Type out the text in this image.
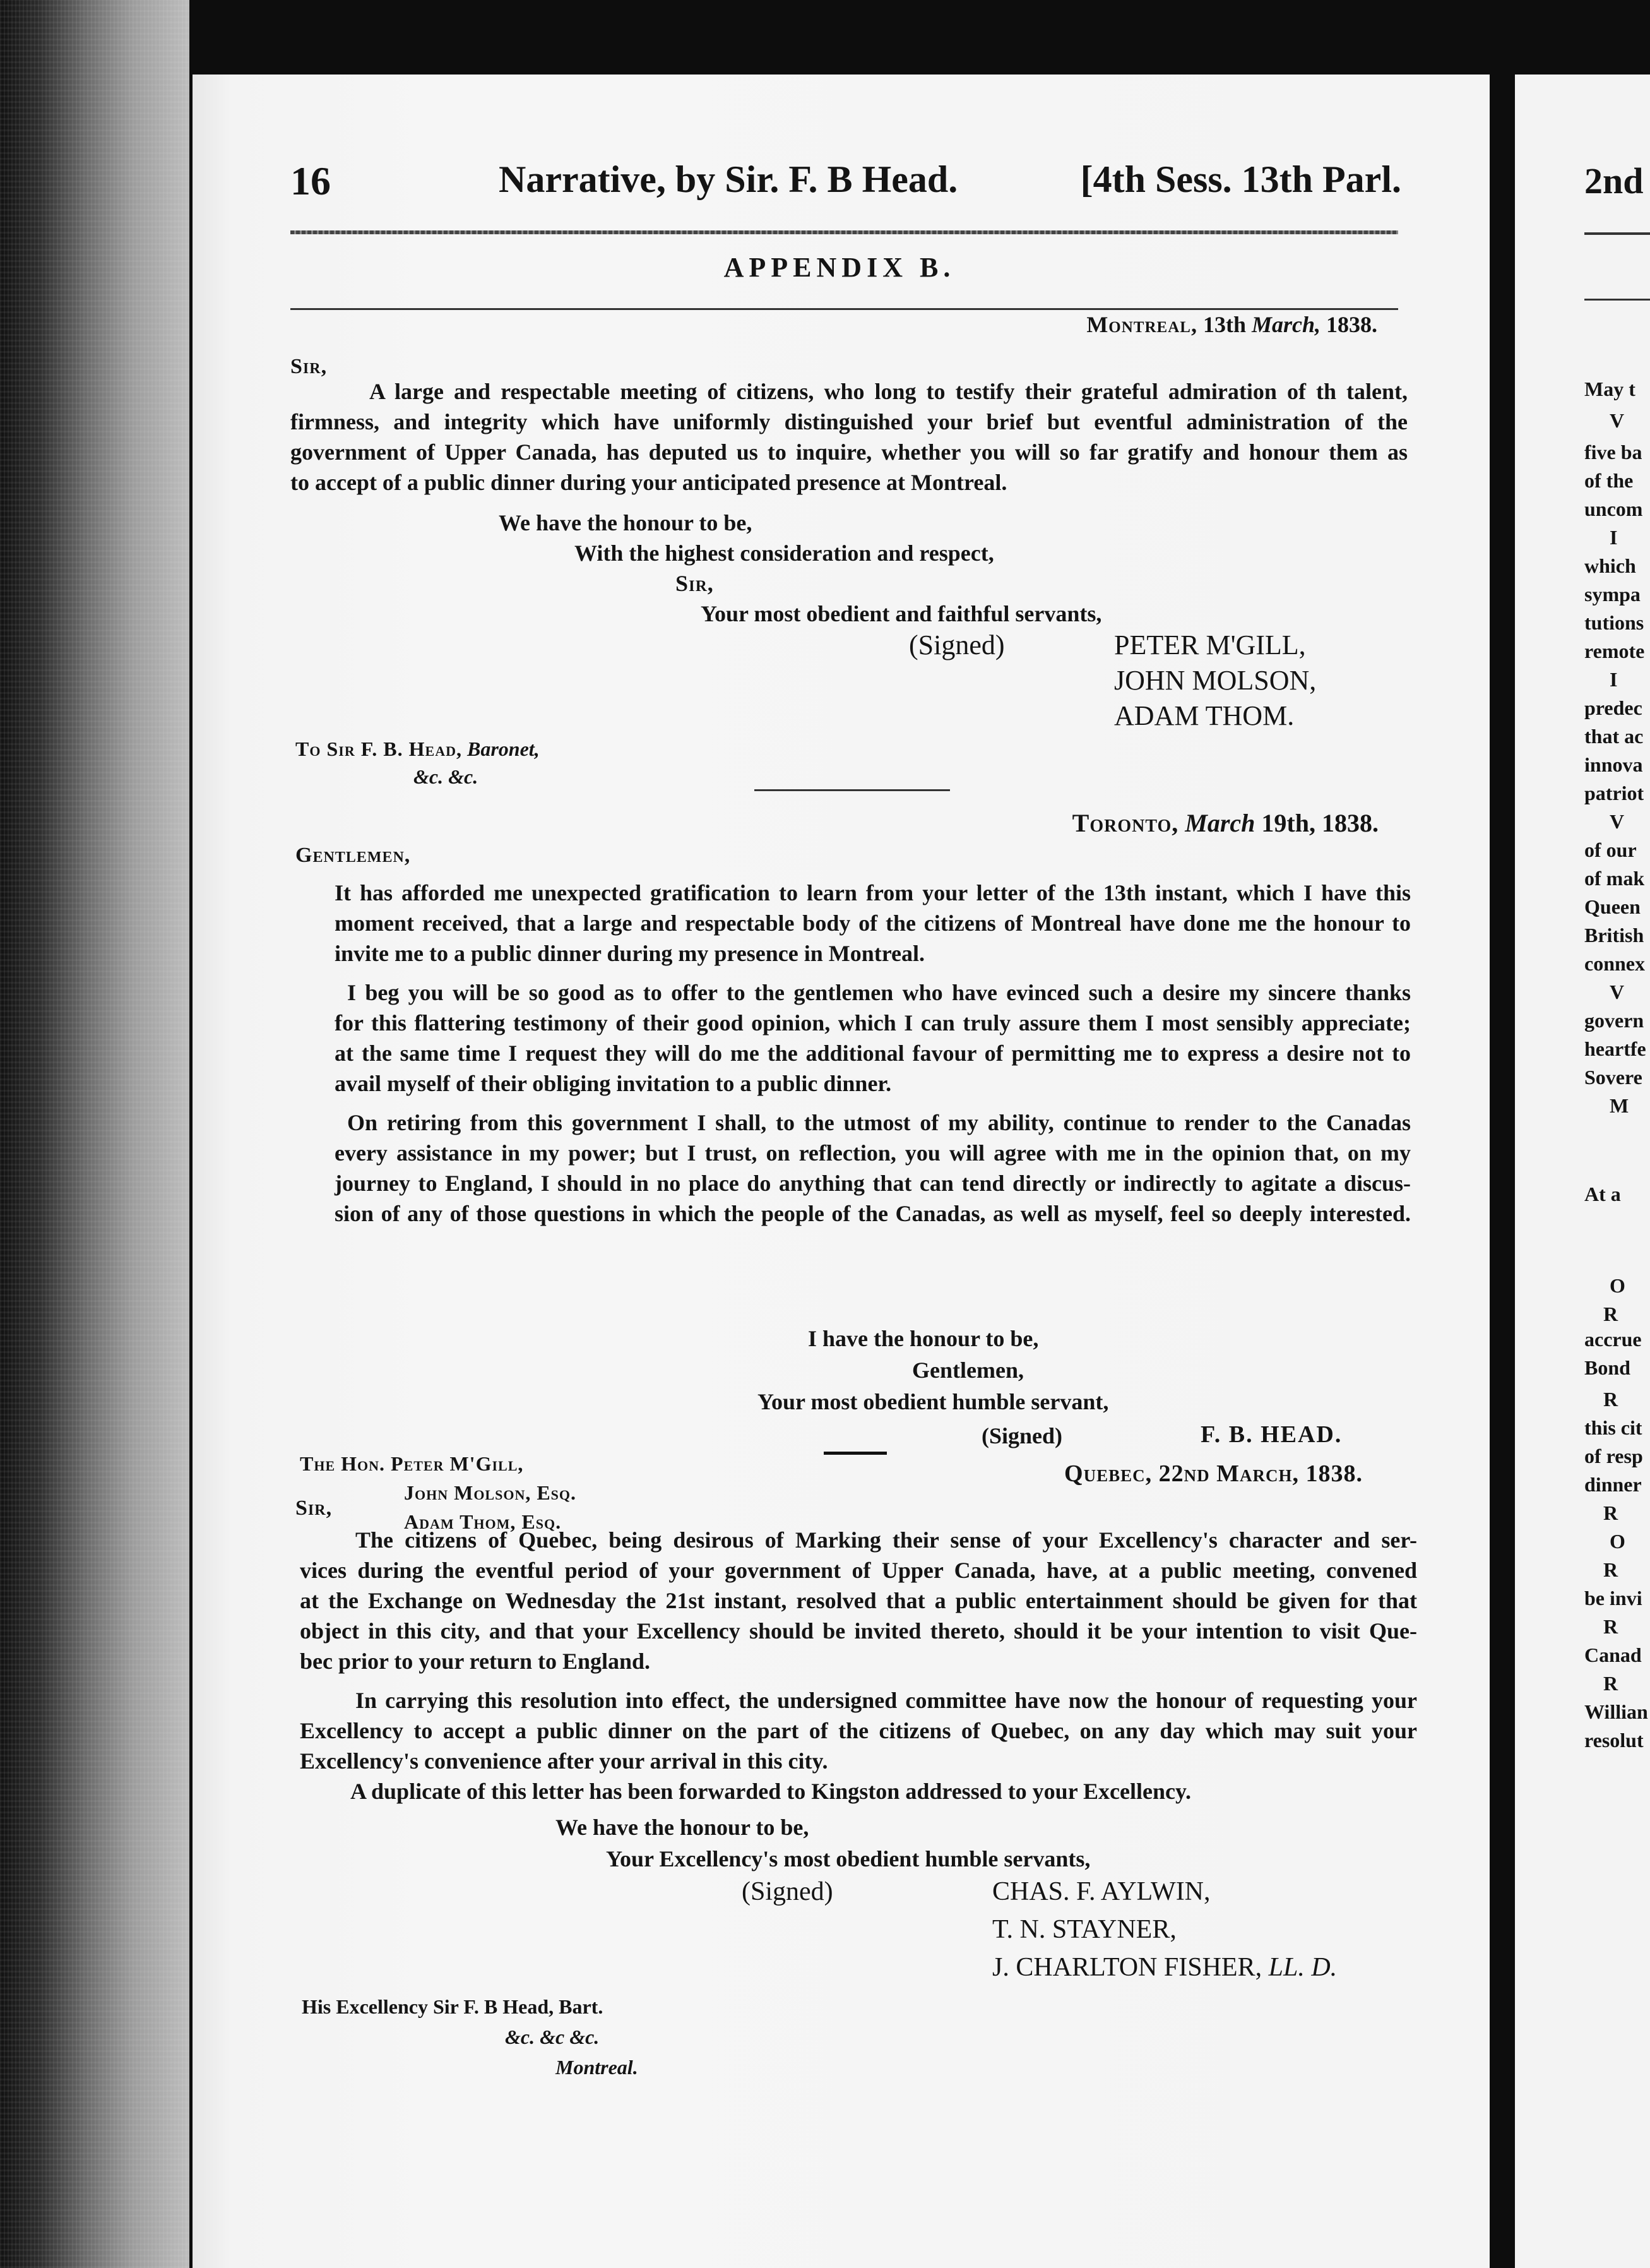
16	Narrative, by Sir. F. B Head.	[4th Sess. 13th Parl.
APPENDIX B.
Montreal, 13th March, 1838.
Sir,
A large and respectable meeting of citizens, who long to testify their grateful admiration of th talent,
firmness, and integrity which have uniformly distinguished your brief but eventful administration of the
government of Upper Canada, has deputed us to inquire, whether you will so far gratify and honour them as
to accept of a public dinner during your anticipated presence at Montreal.
We have the honour to be,
With the highest consideration and respect,
Sir,
Your most obedient and faithful servants,
(Signed)	PETER M'GILL,
JOHN MOLSON,
ADAM THOM.
To Sir F. B. Head, Baronet,
&c. &c.
Toronto, March 19th, 1838.
Gentlemen,
It has afforded me unexpected gratification to learn from your letter of the 13th instant, which I have this
moment received, that a large and respectable body of the citizens of Montreal have done me the honour to
invite me to a public dinner during my presence in Montreal.
I beg you will be so good as to offer to the gentlemen who have evinced such a desire my sincere thanks
for this flattering testimony of their good opinion, which I can truly assure them I most sensibly appreciate;
at the same time I request they will do me the additional favour of permitting me to express a desire not to
avail myself of their obliging invitation to a public dinner.
On retiring from this government I shall, to the utmost of my ability, continue to render to the Canadas
every assistance in my power; but I trust, on reflection, you will agree with me in the opinion that, on my
journey to England, I should in no place do anything that can tend directly or indirectly to agitate a discus-
sion of any of those questions in which the people of the Canadas, as well as myself, feel so deeply interested.
I have the honour to be,
Gentlemen,
Your most obedient humble servant,
(Signed)	F. B. HEAD.
The Hon. Peter M'Gill,
John Molson, Esq.
Adam Thom, Esq.
Quebec, 22nd March, 1838.
Sir,
The citizens of Quebec, being desirous of Marking their sense of your Excellency's character and ser-
vices during the eventful period of your government of Upper Canada, have, at a public meeting, convened
at the Exchange on Wednesday the 21st instant, resolved that a public entertainment should be given for that
object in this city, and that your Excellency should be invited thereto, should it be your intention to visit Que-
bec prior to your return to England.
In carrying this resolution into effect, the undersigned committee have now the honour of requesting your
Excellency to accept a public dinner on the part of the citizens of Quebec, on any day which may suit your
Excellency's convenience after your arrival in this city.
A duplicate of this letter has been forwarded to Kingston addressed to your Excellency.
We have the honour to be,
Your Excellency's most obedient humble servants,
(Signed)	CHAS. F. AYLWIN,
T. N. STAYNER,
J. CHARLTON FISHER, LL. D.
His Excellency Sir F. B Head, Bart.
&c. &c &c.
Montreal.
2nd
May t
V
five ba
of the
uncom
I
which
sympa
tutions
remote
I
predec
that ac
innova
patriot
V
of our
of mak
Queen
British
connex
V
govern
heartfe
Sovere
M
At a
O
R
accrue
Bond
R
this cit
of resp
dinner
R
O
R
be invi
R
Canad
R
Willian
resolut
